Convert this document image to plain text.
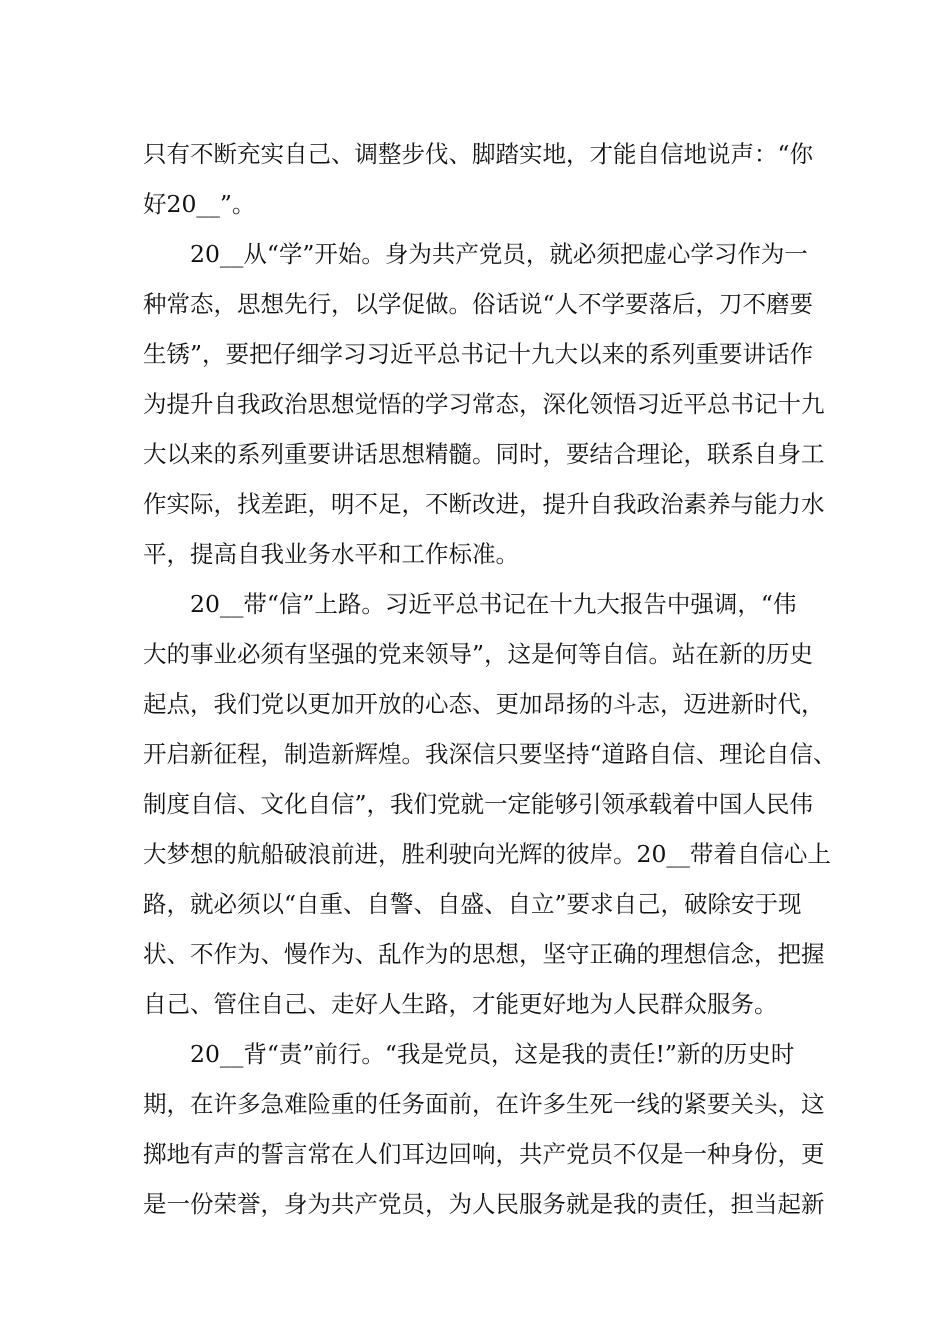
只有不断充实自己、调整步伐、脚踏实地，才能自信地说声：“你
好20__”。
　　20__从“学”开始。身为共产党员，就必须把虚心学习作为一
种常态，思想先行，以学促做。俗话说“人不学要落后，刀不磨要
生锈”，要把仔细学习习近平总书记十九大以来的系列重要讲话作
为提升自我政治思想觉悟的学习常态，深化领悟习近平总书记十九
大以来的系列重要讲话思想精髓。同时，要结合理论，联系自身工
作实际，找差距，明不足，不断改进，提升自我政治素养与能力水
平，提高自我业务水平和工作标准。
　　20__带“信”上路。习近平总书记在十九大报告中强调，“伟
大的事业必须有坚强的党来领导”，这是何等自信。站在新的历史
起点，我们党以更加开放的心态、更加昂扬的斗志，迈进新时代，
开启新征程，制造新辉煌。我深信只要坚持“道路自信、理论自信、
制度自信、文化自信”，我们党就一定能够引领承载着中国人民伟
大梦想的航船破浪前进，胜利驶向光辉的彼岸。20__带着自信心上
路，就必须以“自重、自警、自盛、自立”要求自己，破除安于现
状、不作为、慢作为、乱作为的思想，坚守正确的理想信念，把握
自己、管住自己、走好人生路，才能更好地为人民群众服务。
　　20__背“责”前行。“我是党员，这是我的责任!”新的历史时
期，在许多急难险重的任务面前，在许多生死一线的紧要关头，这
掷地有声的誓言常在人们耳边回响，共产党员不仅是一种身份，更
是一份荣誉，身为共产党员，为人民服务就是我的责任，担当起新
